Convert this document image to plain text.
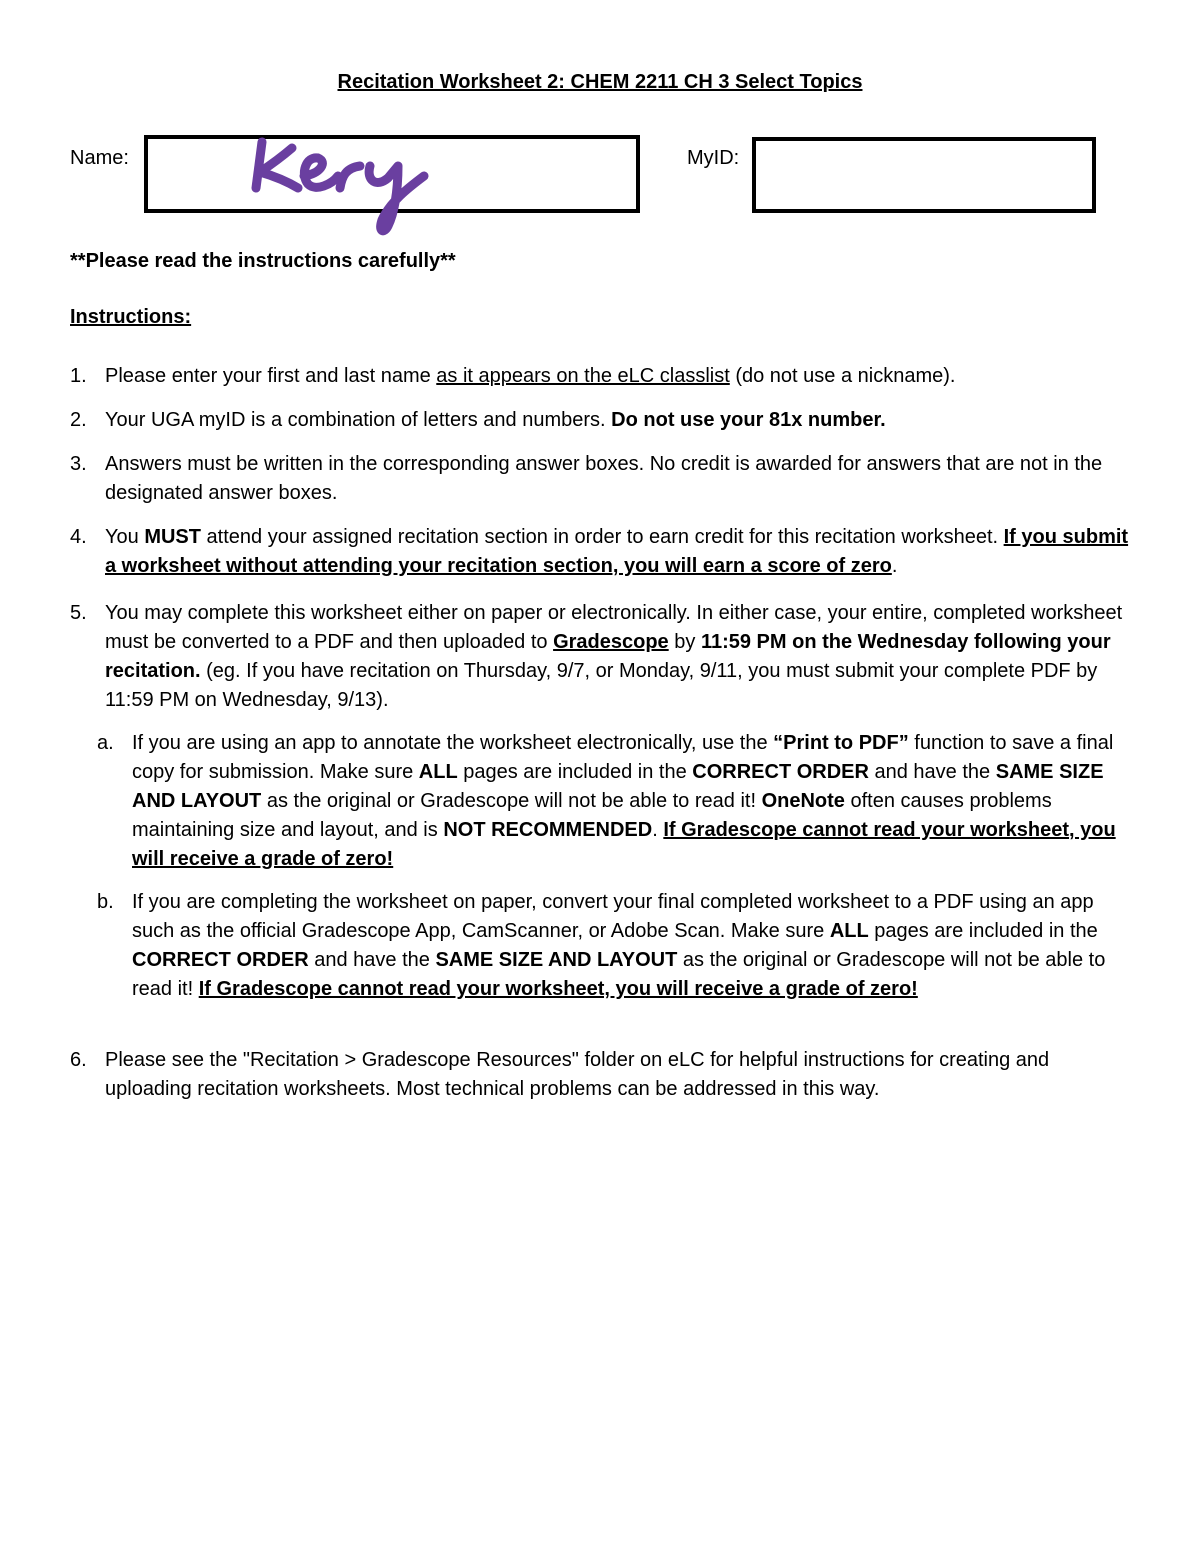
Recitation Worksheet 2: CHEM 2211 CH 3 Select Topics
Name:	MyID:
**Please read the instructions carefully**
Instructions:
1. Please enter your first and last name as it appears on the eLC classlist (do not use a nickname).
2. Your UGA myID is a combination of letters and numbers. Do not use your 81x number.
3. Answers must be written in the corresponding answer boxes. No credit is awarded for answers that are not in the designated answer boxes.
4. You MUST attend your assigned recitation section in order to earn credit for this recitation worksheet. If you submit a worksheet without attending your recitation section, you will earn a score of zero.
5. You may complete this worksheet either on paper or electronically. In either case, your entire, completed worksheet must be converted to a PDF and then uploaded to Gradescope by 11:59 PM on the Wednesday following your recitation. (eg. If you have recitation on Thursday, 9/7, or Monday, 9/11, you must submit your complete PDF by 11:59 PM on Wednesday, 9/13).
a. If you are using an app to annotate the worksheet electronically, use the “Print to PDF” function to save a final copy for submission. Make sure ALL pages are included in the CORRECT ORDER and have the SAME SIZE AND LAYOUT as the original or Gradescope will not be able to read it! OneNote often causes problems maintaining size and layout, and is NOT RECOMMENDED. If Gradescope cannot read your worksheet, you will receive a grade of zero!
b. If you are completing the worksheet on paper, convert your final completed worksheet to a PDF using an app such as the official Gradescope App, CamScanner, or Adobe Scan. Make sure ALL pages are included in the CORRECT ORDER and have the SAME SIZE AND LAYOUT as the original or Gradescope will not be able to read it! If Gradescope cannot read your worksheet, you will receive a grade of zero!
6. Please see the "Recitation > Gradescope Resources" folder on eLC for helpful instructions for creating and uploading recitation worksheets. Most technical problems can be addressed in this way.
